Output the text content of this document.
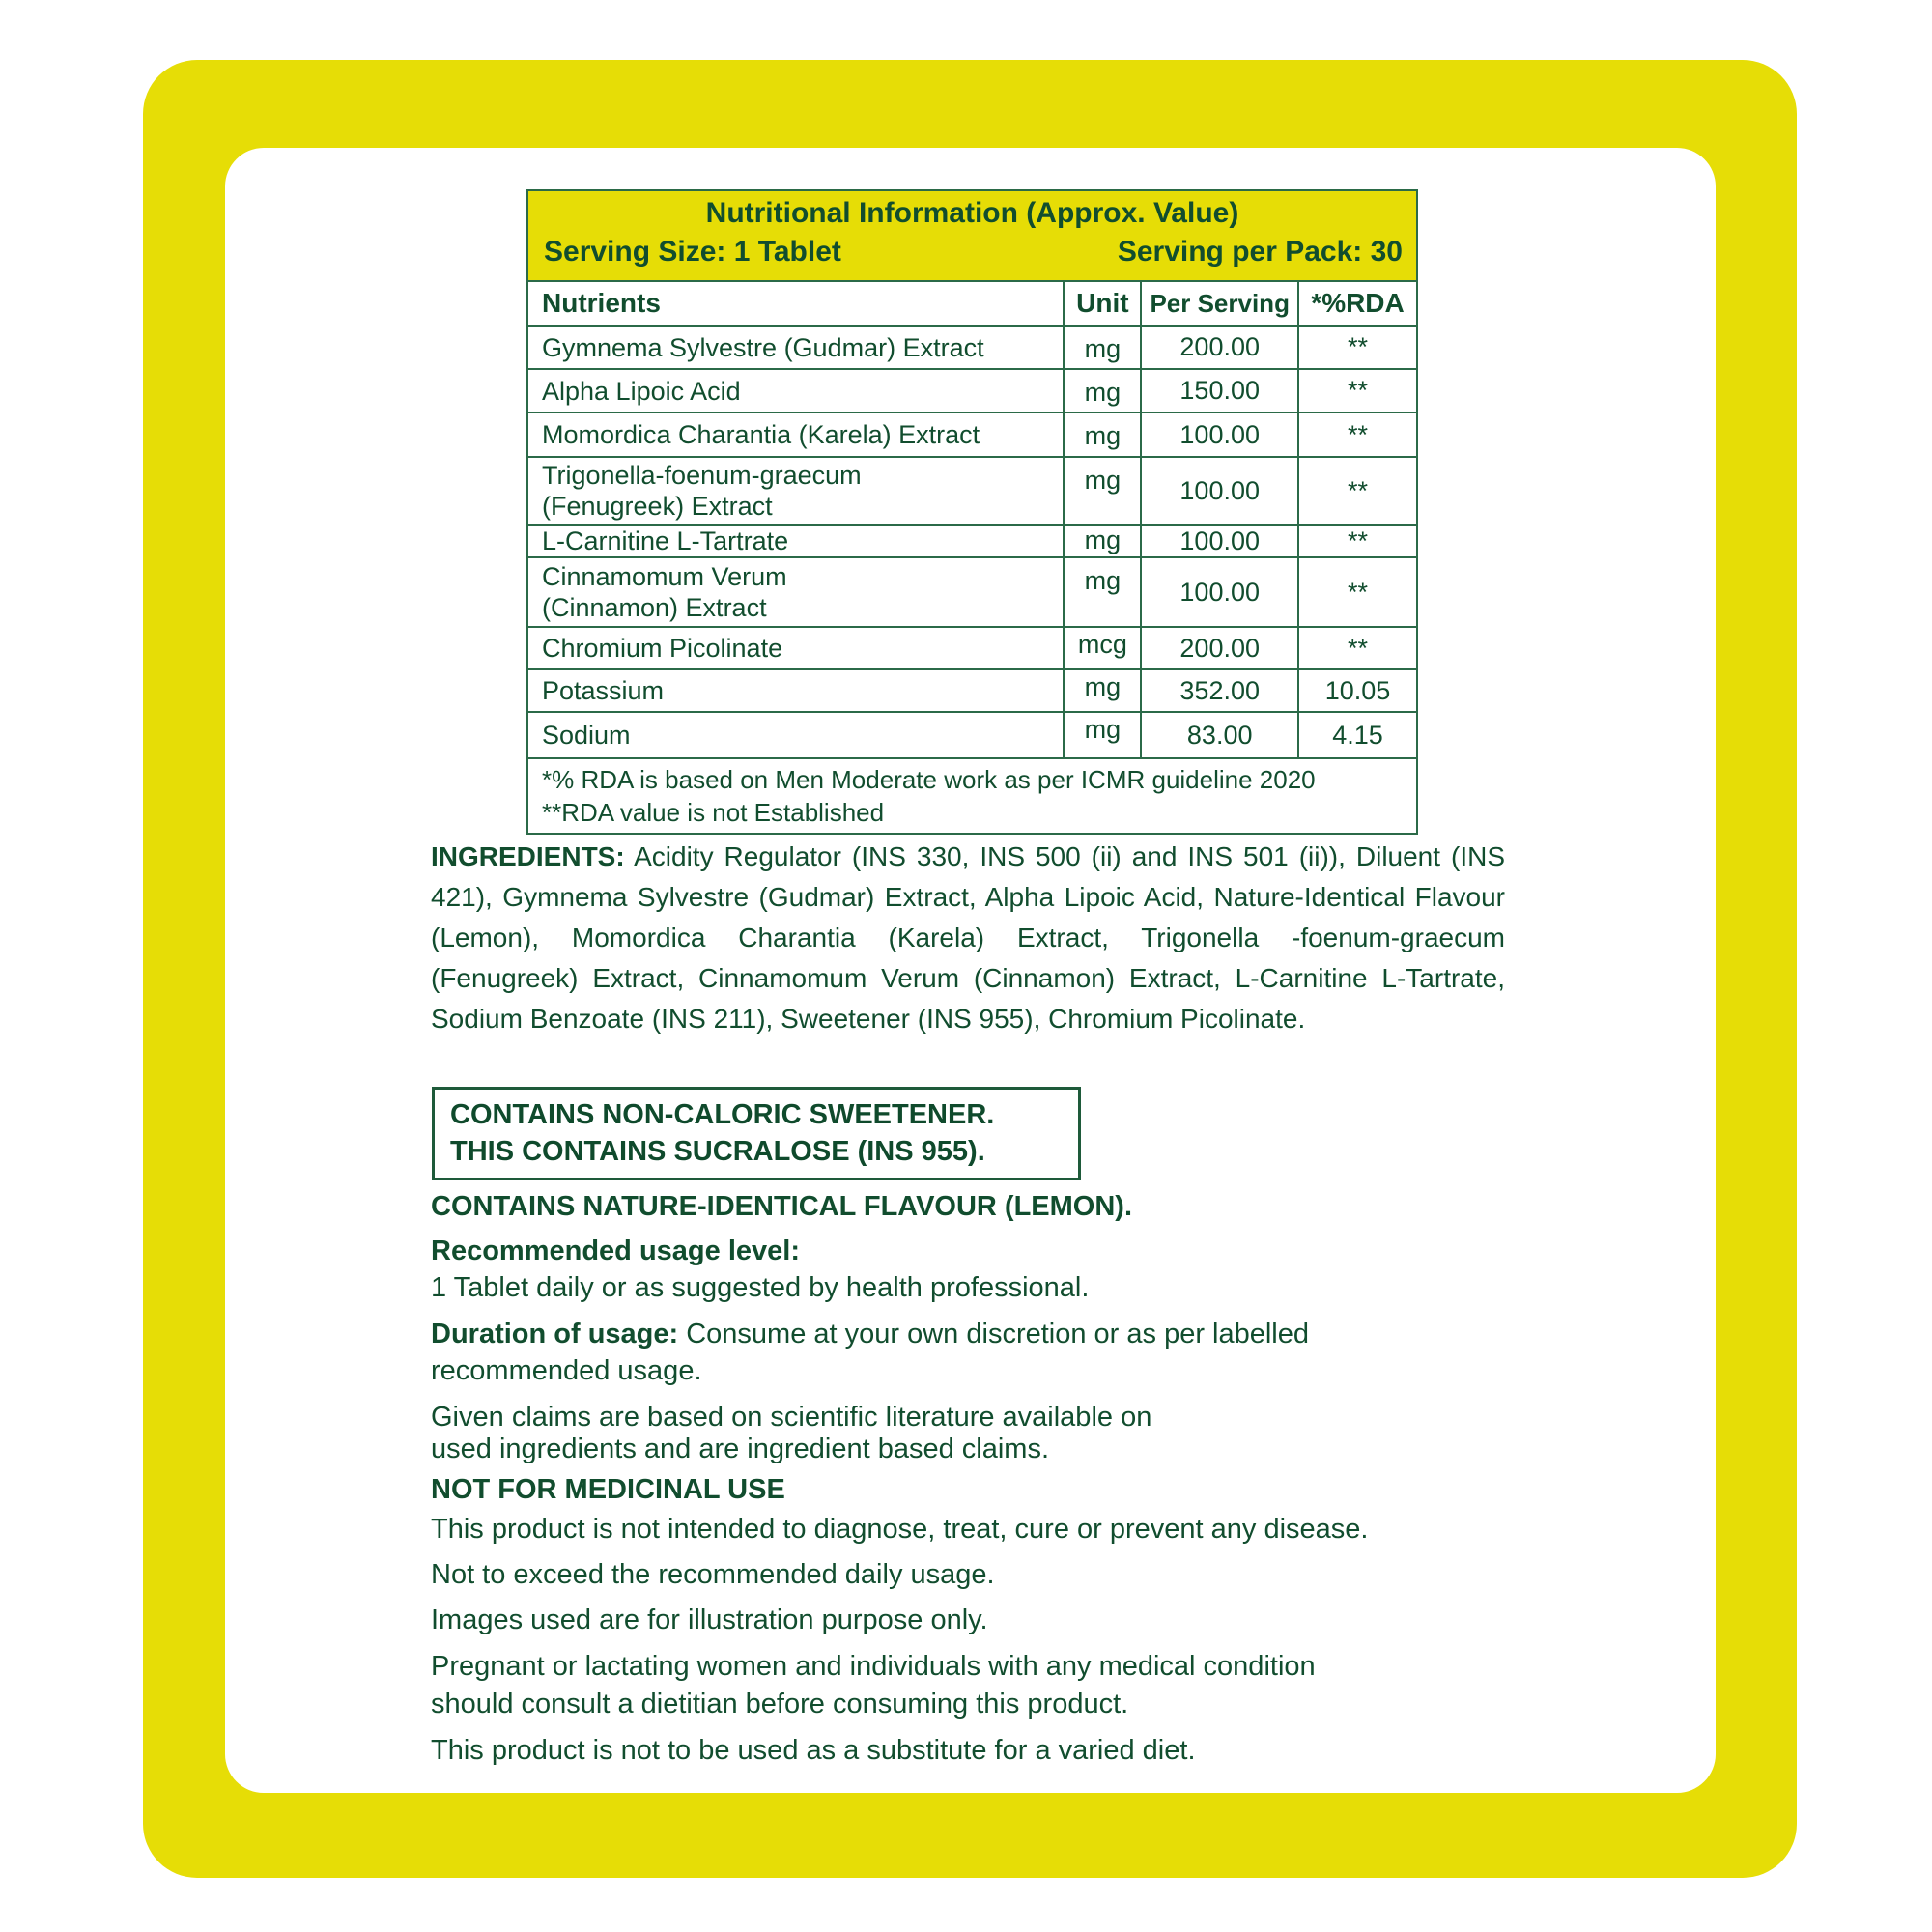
Nutritional Information (Approx. Value)
Serving Size: 1 Tablet Serving per Pack: 30			

Nutrients	Unit	Per Serving	*%RDA
Gymnema Sylvestre (Gudmar) Extract	mg	200.00	**
Alpha Lipoic Acid	mg	150.00	**
Momordica Charantia (Karela) Extract	mg	100.00	**

Trigonella-foenum-graecum
(Fenugreek) Extract	mg	100.00	**
L-Carnitine L-Tartrate	mg	100.00	**

Cinnamomum Verum
(Cinnamon) Extract	mg	100.00	**
Chromium Picolinate	mcg	200.00	**
Potassium	mg	352.00	10.05
Sodium	mg	83.00	4.15

*% RDA is based on Men Moderate work as per ICMR guideline 2020
**RDA value is not Established			
INGREDIENTS: Acidity Regulator (INS 330, INS 500 (ii) and INS 501 (ii)), Diluent (INS 421), Gymnema Sylvestre (Gudmar) Extract, Alpha Lipoic Acid, Nature-Identical Flavour (Lemon), Momordica Charantia (Karela) Extract, Trigonella -foenum-graecum (Fenugreek) Extract, Cinnamomum Verum (Cinnamon) Extract, L-Carnitine L-Tartrate, Sodium Benzoate (INS 211), Sweetener (INS 955), Chromium Picolinate.
CONTAINS NON-CALORIC SWEETENER.
THIS CONTAINS SUCRALOSE (INS 955).
CONTAINS NATURE-IDENTICAL FLAVOUR (LEMON).
Recommended usage level:
1 Tablet daily or as suggested by health professional.
Duration of usage: Consume at your own discretion or as per labelled
recommended usage.
Given claims are based on scientific literature available on
used ingredients and are ingredient based claims.
NOT FOR MEDICINAL USE
This product is not intended to diagnose, treat, cure or prevent any disease.
Not to exceed the recommended daily usage.
Images used are for illustration purpose only.
Pregnant or lactating women and individuals with any medical condition
should consult a dietitian before consuming this product.
This product is not to be used as a substitute for a varied diet.
